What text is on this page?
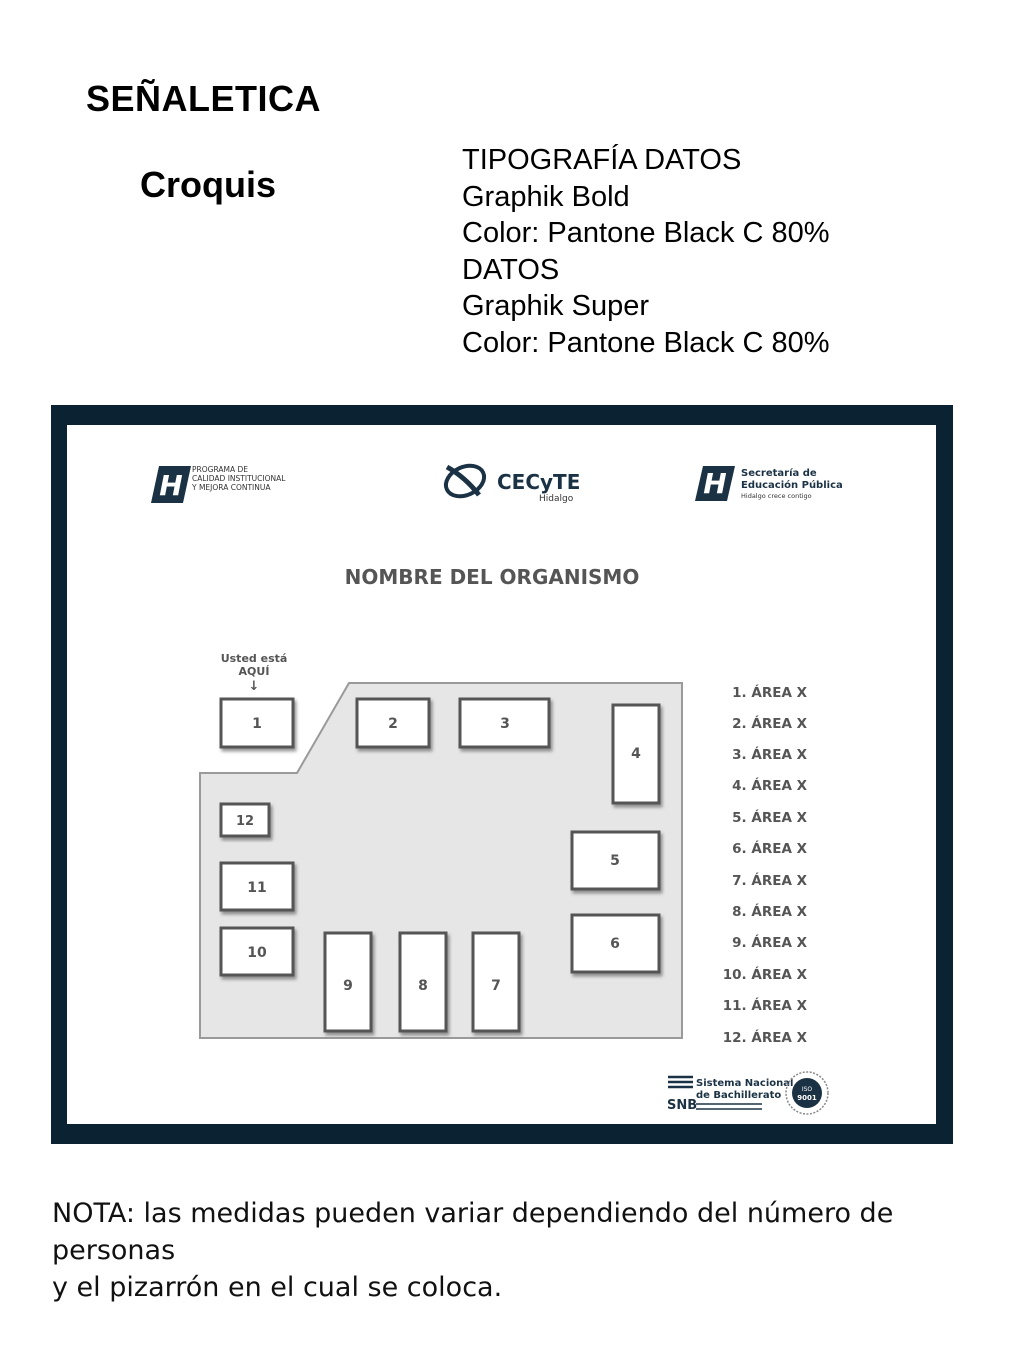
SEÑALETICA
Croquis
TIPOGRAFÍA DATOS
Graphik Bold
Color: Pantone Black C 80%
DATOS
Graphik Super
Color: Pantone Black C 80%
H PROGRAMA DE
CALIDAD INSTITUCIONAL
Y MEJORA CONTINUA	CECyTE
Hidalgo	H Secretaría de
Educación Pública
Hidalgo crece contigo
NOMBRE DEL ORGANISMO
Usted está
AQUÍ
↓
1	2	3
4
5
6
7
8
9
10
11
12
1. ÁREA X
2. ÁREA X
3. ÁREA X
4. ÁREA X
5. ÁREA X
6. ÁREA X
7. ÁREA X
8. ÁREA X
9. ÁREA X
10. ÁREA X
11. ÁREA X
12. ÁREA X
SNB
Sistema Nacional
de Bachillerato
ISO
9001
NOTA: las medidas pueden variar dependiendo del número de personas
y el pizarrón en el cual se coloca.
